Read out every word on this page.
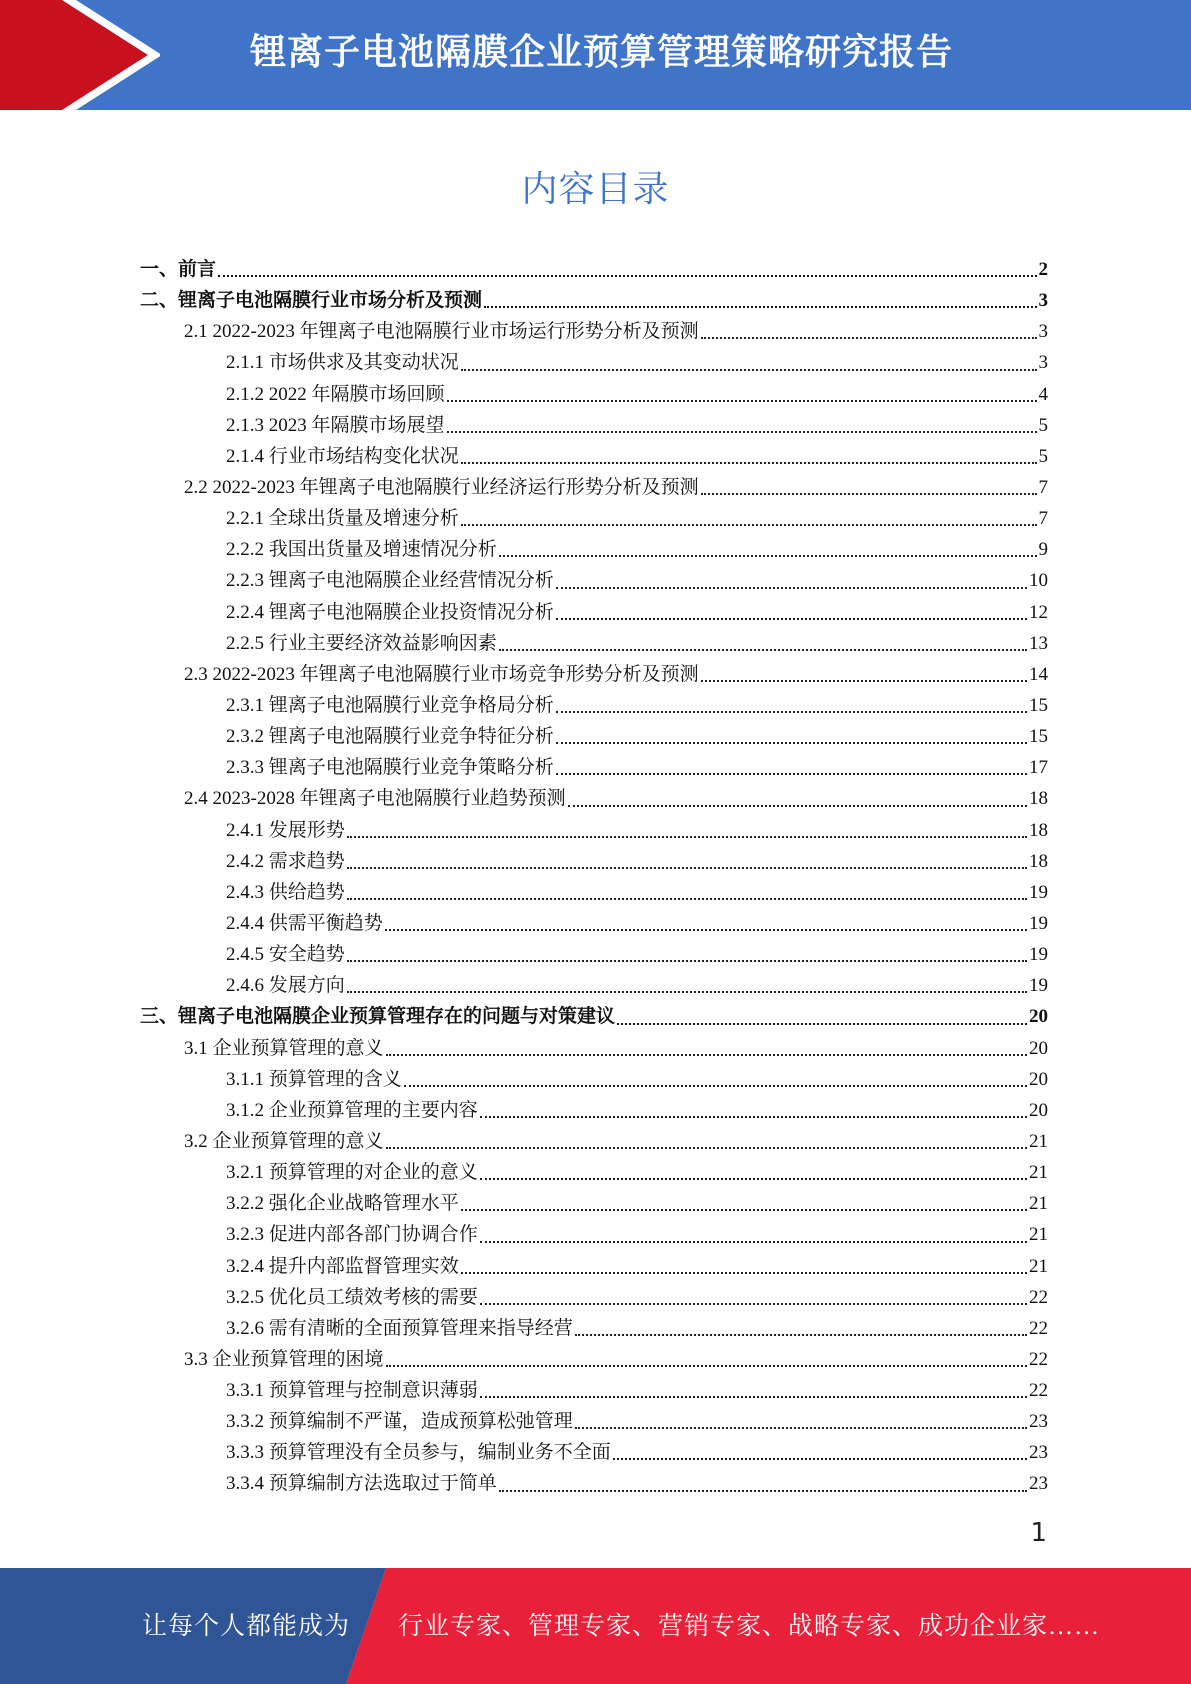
锂离子电池隔膜企业预算管理策略研究报告
内容目录
一、前言	2
二、锂离子电池隔膜行业市场分析及预测	3
2.1 2022-2023 年锂离子电池隔膜行业市场运行形势分析及预测	3
2.1.1 市场供求及其变动状况	3
2.1.2 2022 年隔膜市场回顾	4
2.1.3 2023 年隔膜市场展望	5
2.1.4 行业市场结构变化状况	5
2.2 2022-2023 年锂离子电池隔膜行业经济运行形势分析及预测	7
2.2.1 全球出货量及增速分析	7
2.2.2 我国出货量及增速情况分析	9
2.2.3 锂离子电池隔膜企业经营情况分析	10
2.2.4 锂离子电池隔膜企业投资情况分析	12
2.2.5 行业主要经济效益影响因素	13
2.3 2022-2023 年锂离子电池隔膜行业市场竞争形势分析及预测	14
2.3.1 锂离子电池隔膜行业竞争格局分析	15
2.3.2 锂离子电池隔膜行业竞争特征分析	15
2.3.3 锂离子电池隔膜行业竞争策略分析	17
2.4 2023-2028 年锂离子电池隔膜行业趋势预测	18
2.4.1 发展形势	18
2.4.2 需求趋势	18
2.4.3 供给趋势	19
2.4.4 供需平衡趋势	19
2.4.5 安全趋势	19
2.4.6 发展方向	19
三、锂离子电池隔膜企业预算管理存在的问题与对策建议	20
3.1 企业预算管理的意义	20
3.1.1 预算管理的含义	20
3.1.2 企业预算管理的主要内容	20
3.2 企业预算管理的意义	21
3.2.1 预算管理的对企业的意义	21
3.2.2 强化企业战略管理水平	21
3.2.3 促进内部各部门协调合作	21
3.2.4 提升内部监督管理实效	21
3.2.5 优化员工绩效考核的需要	22
3.2.6 需有清晰的全面预算管理来指导经营	22
3.3 企业预算管理的困境	22
3.3.1 预算管理与控制意识薄弱	22
3.3.2 预算编制不严谨，造成预算松弛管理	23
3.3.3 预算管理没有全员参与，编制业务不全面	23
3.3.4 预算编制方法选取过于简单	23
1
让每个人都能成为 行业专家、管理专家、营销专家、战略专家、成功企业家……
